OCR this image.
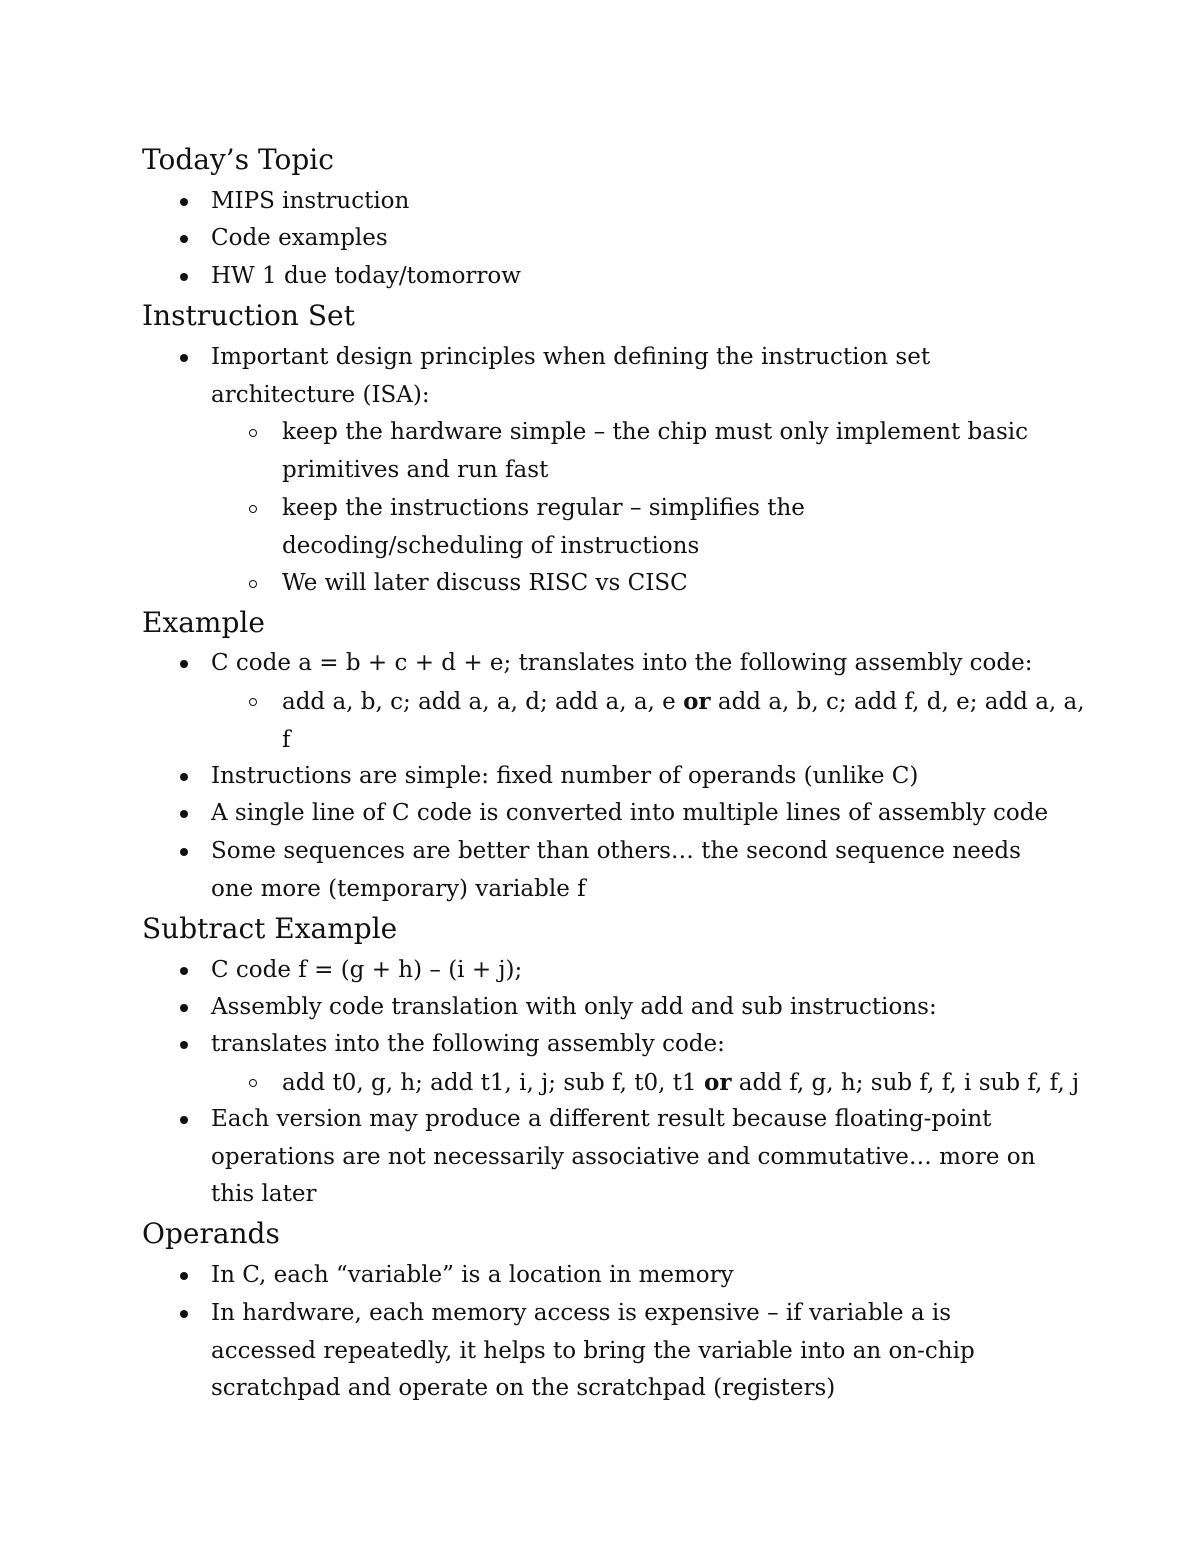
Today’s Topic
MIPS instruction
Code examples
HW 1 due today/tomorrow
Instruction Set
Important design principles when defining the instruction set
architecture (ISA):
keep the hardware simple – the chip must only implement basic
primitives and run fast
keep the instructions regular – simplifies the
decoding/scheduling of instructions
We will later discuss RISC vs CISC
Example
C code a = b + c + d + e; translates into the following assembly code:
add a, b, c; add a, a, d; add a, a, e or add a, b, c; add f, d, e; add a, a,
f
Instructions are simple: fixed number of operands (unlike C)
A single line of C code is converted into multiple lines of assembly code
Some sequences are better than others… the second sequence needs
one more (temporary) variable f
Subtract Example
C code f = (g + h) – (i + j);
Assembly code translation with only add and sub instructions:
translates into the following assembly code:
add t0, g, h; add t1, i, j; sub f, t0, t1 or add f, g, h; sub f, f, i sub f, f, j
Each version may produce a different result because floating-point
operations are not necessarily associative and commutative… more on
this later
Operands
In C, each “variable” is a location in memory
In hardware, each memory access is expensive – if variable a is
accessed repeatedly, it helps to bring the variable into an on-chip
scratchpad and operate on the scratchpad (registers)
